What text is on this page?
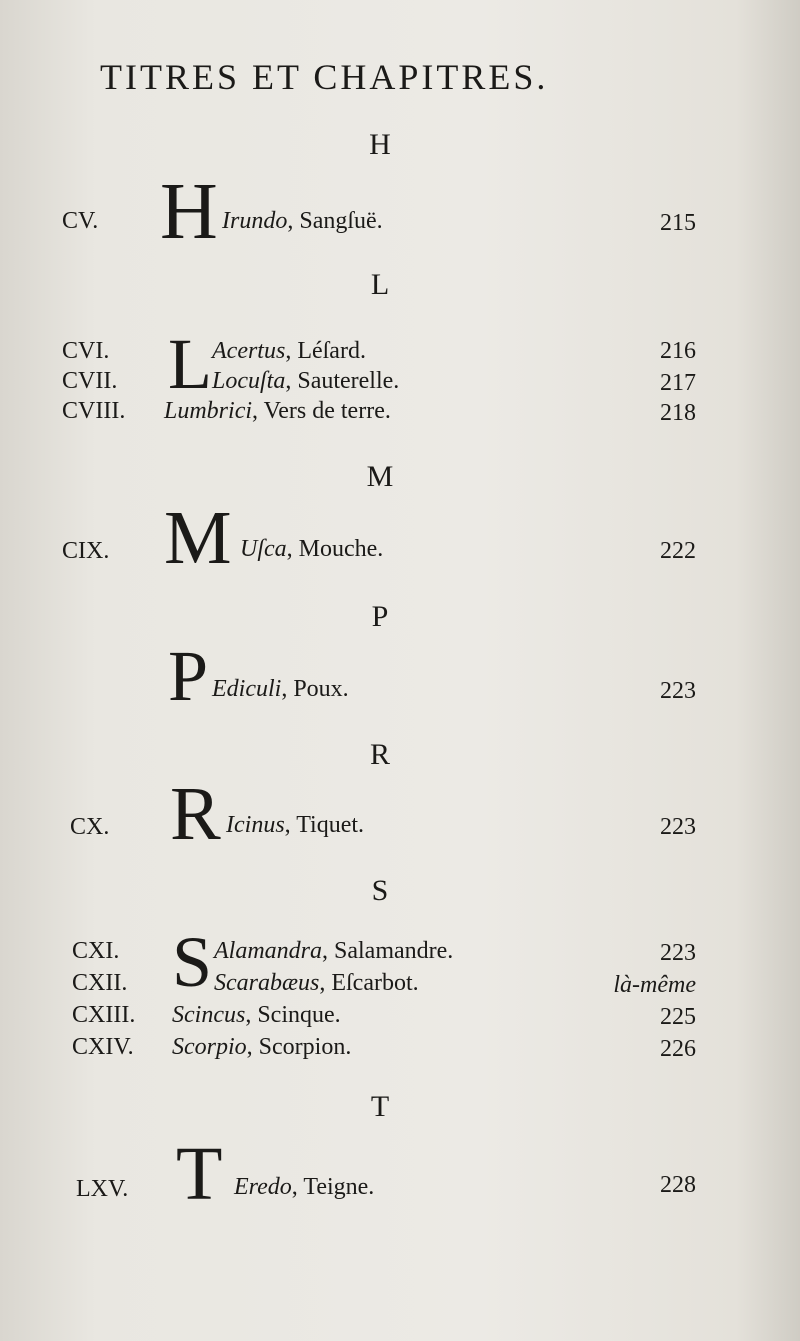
TITRES ET CHAPITRES.
H
H
CV.	Irundo, Sangſuë.	215
L
L
CVI.	Acertus, Léſard.	216
CVII.	Locuſta, Sauterelle.	217
CVIII. Lumbrici, Vers de terre.	218
M
M
CIX.	Uſca, Mouche.	222
P
P Ediculi, Poux.	223
R
R
CX.	Icinus, Tiquet.	223
S
S
CXI.	Alamandra, Salamandre.	223
CXII.	Scarabæus, Eſcarbot.	là-même
CXIII. Scincus, Scinque.	225
CXIV. Scorpio, Scorpion.	226
T
T
LXV.	Eredo, Teigne.	228
